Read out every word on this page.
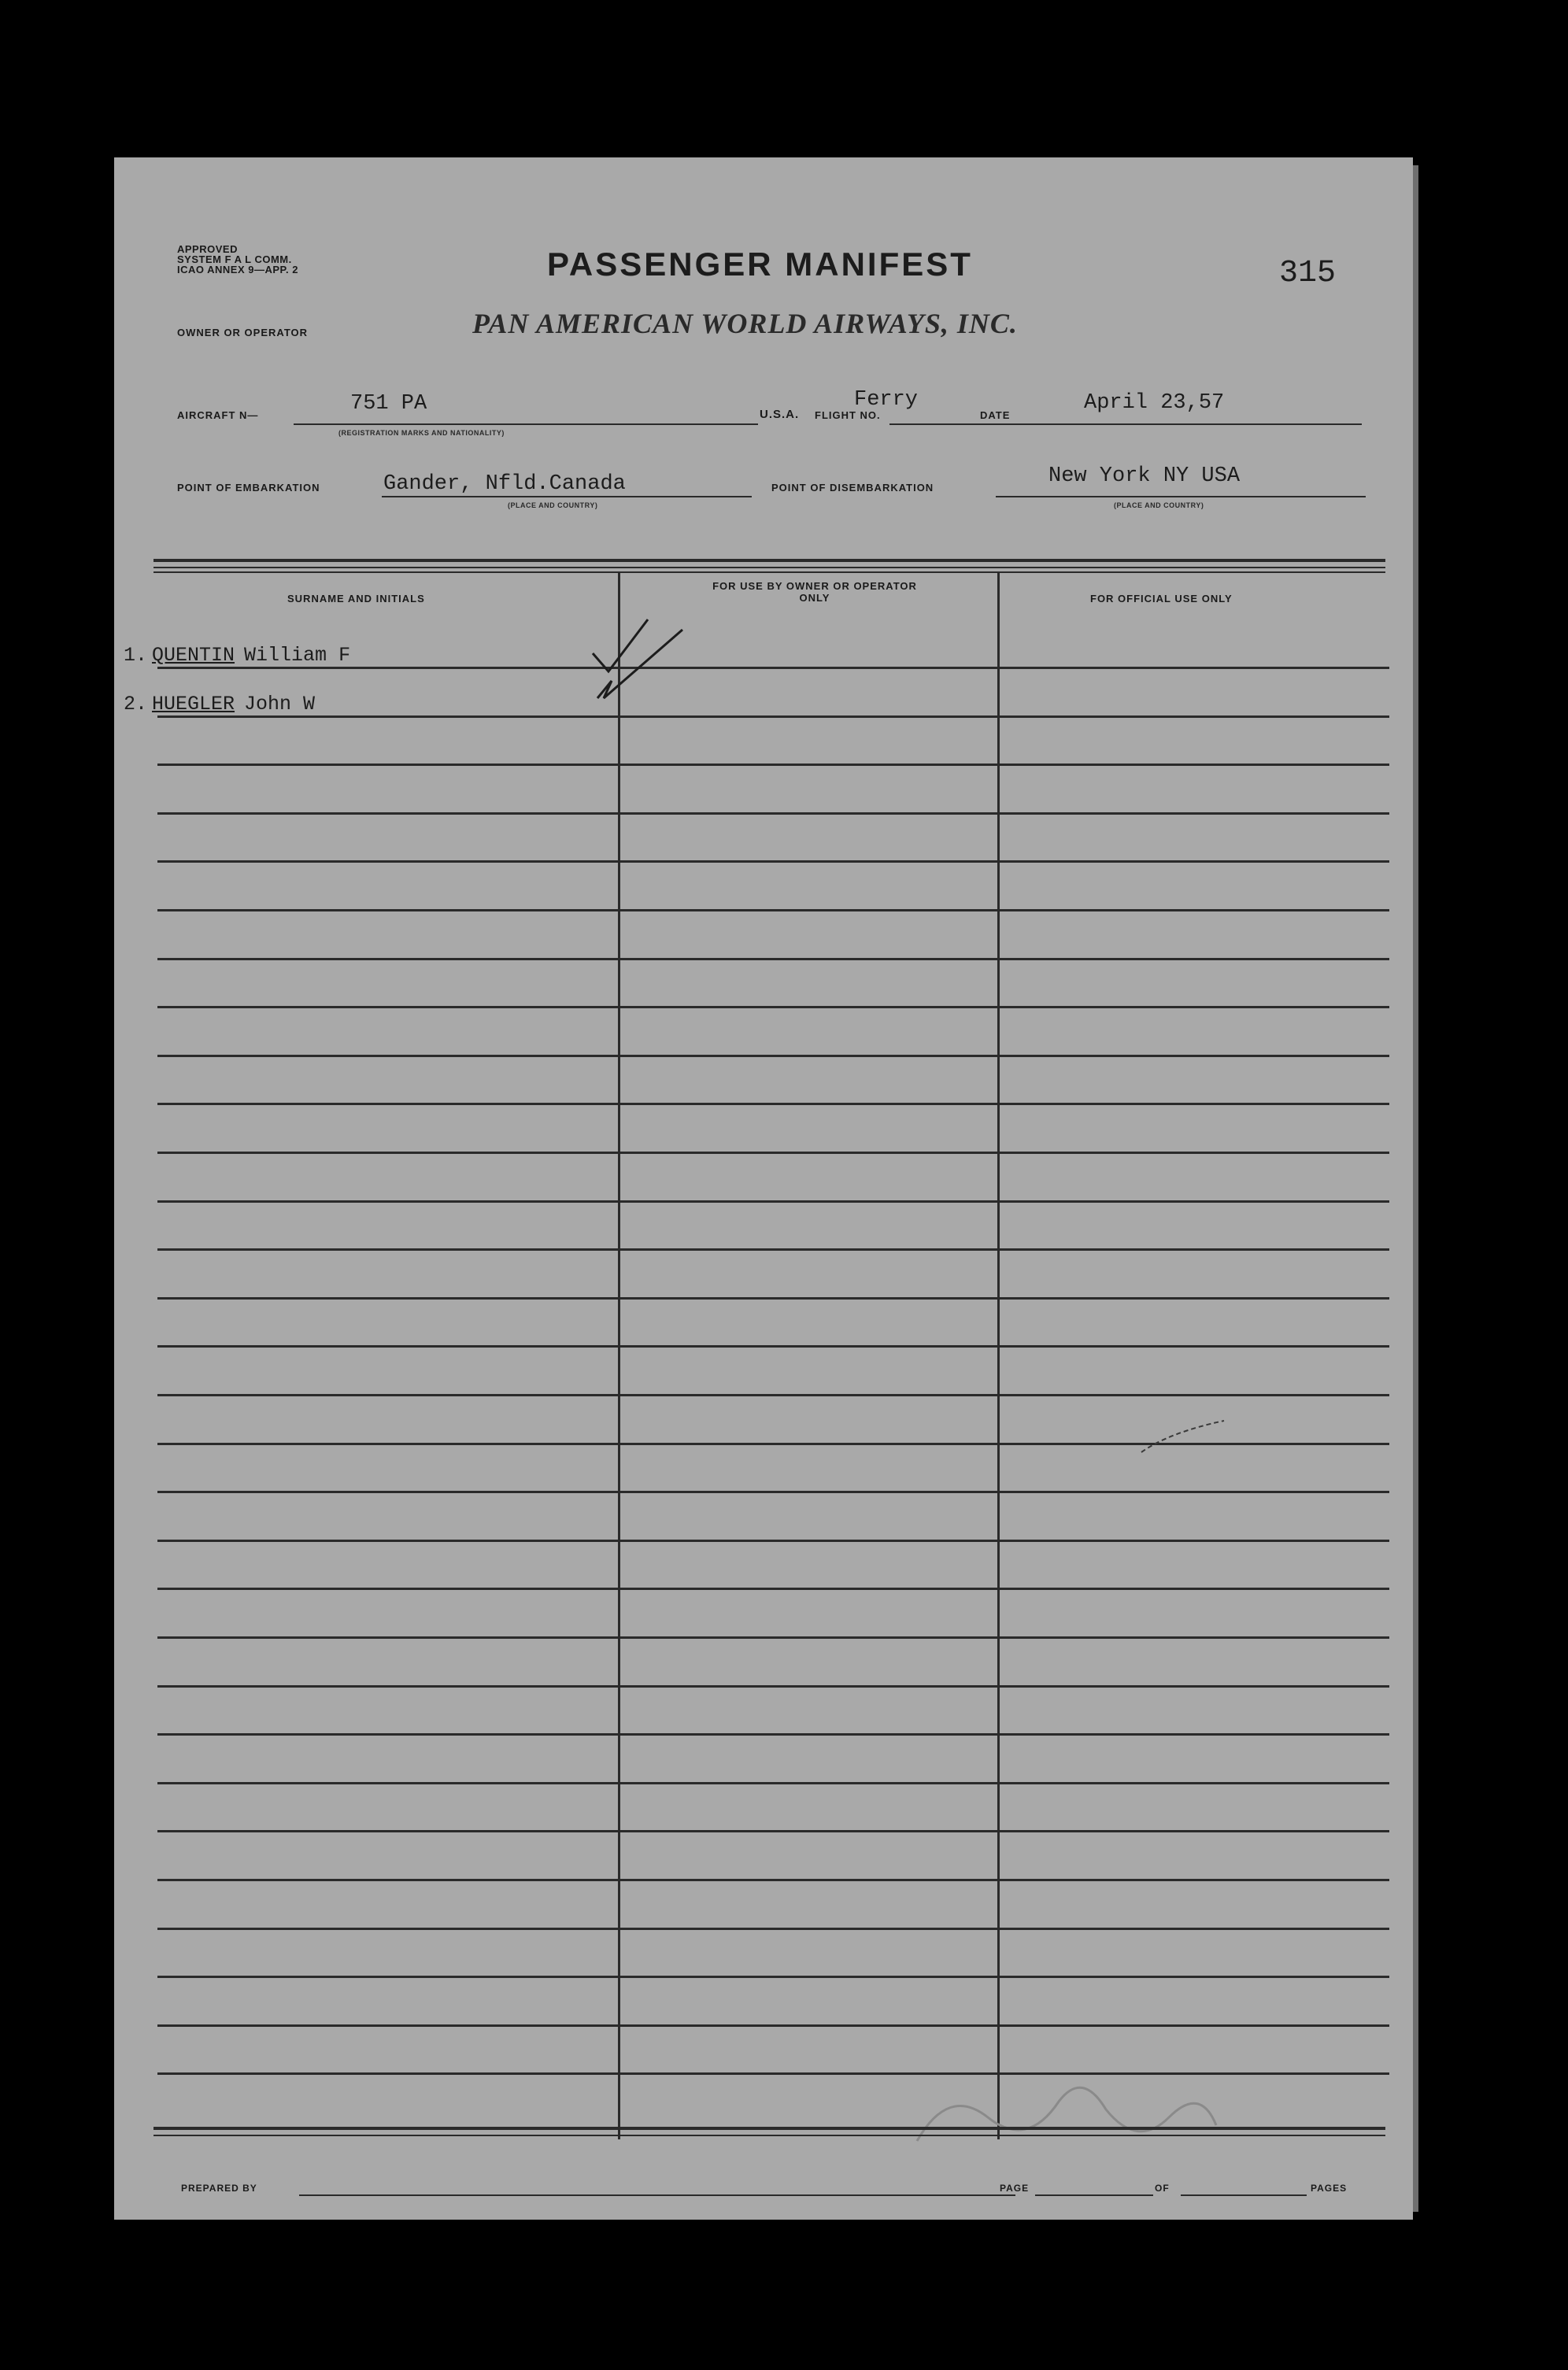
APPROVED
SYSTEM F A L COMM.
ICAO ANNEX 9—APP. 2	PASSENGER MANIFEST	315
OWNER OR OPERATOR	PAN AMERICAN WORLD AIRWAYS, INC.
AIRCRAFT N—	751 PA
(REGISTRATION MARKS AND NATIONALITY)
U.S.A. FLIGHT NO.
Ferry
DATE
April 23,57
POINT OF EMBARKATION	Gander, Nfld.Canada
(PLACE AND COUNTRY)
POINT OF DISEMBARKATION	New York NY USA
(PLACE AND COUNTRY)
SURNAME AND INITIALS
FOR USE BY OWNER OR OPERATOR ONLY	FOR OFFICIAL USE ONLY
1. QUENTIN William F
2. HUEGLER John W
PREPARED BY	PAGE	OF	PAGES
